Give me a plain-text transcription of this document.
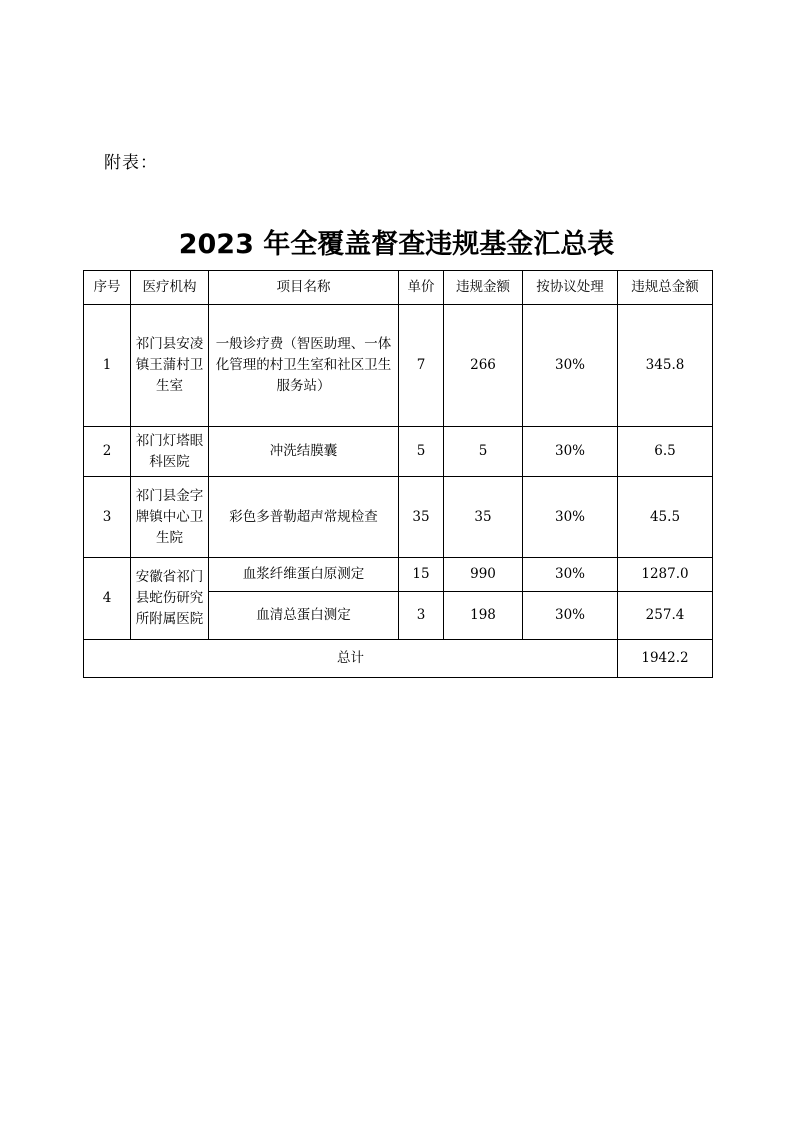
附表：
2023 年全覆盖督查违规基金汇总表
序号	医疗机构	项目名称	单价	违规金额	按协议处理	违规总金额
1	祁门县安凌镇王蒲村卫生室	一般诊疗费（智医助理、一体化管理的村卫生室和社区卫生服务站）	7	266	30%	345.8
2	祁门灯塔眼科医院	冲洗结膜囊	5	5	30%	6.5
3	祁门县金字牌镇中心卫生院	彩色多普勒超声常规检查	35	35	30%	45.5
4	安徽省祁门县蛇伤研究所附属医院	血浆纤维蛋白原测定	15	990	30%	1287.0
		血清总蛋白测定	3	198	30%	257.4
总计						1942.2
